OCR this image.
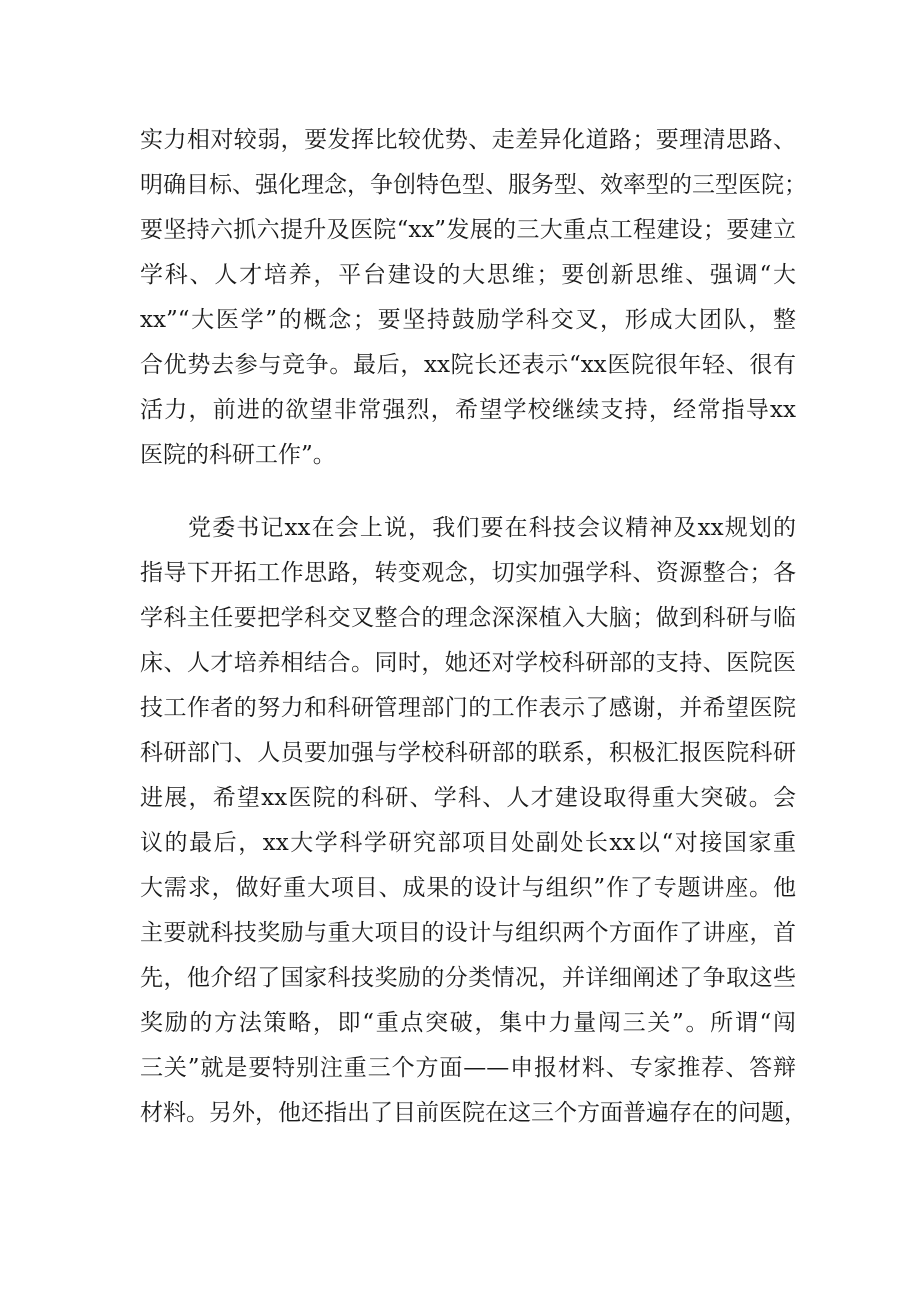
实力相对较弱，要发挥比较优势、走差异化道路；要理清思路、
明确目标、强化理念，争创特色型、服务型、效率型的三型医院；
要坚持六抓六提升及医院“xx”发展的三大重点工程建设；要建立
学科、人才培养，平台建设的大思维；要创新思维、强调“大
xx”“大医学”的概念；要坚持鼓励学科交叉，形成大团队，整
合优势去参与竞争。最后，xx院长还表示“xx医院很年轻、很有
活力，前进的欲望非常强烈，希望学校继续支持，经常指导xx
医院的科研工作”。
党委书记xx在会上说，我们要在科技会议精神及xx规划的
指导下开拓工作思路，转变观念，切实加强学科、资源整合；各
学科主任要把学科交叉整合的理念深深植入大脑；做到科研与临
床、人才培养相结合。同时，她还对学校科研部的支持、医院医
技工作者的努力和科研管理部门的工作表示了感谢，并希望医院
科研部门、人员要加强与学校科研部的联系，积极汇报医院科研
进展，希望xx医院的科研、学科、人才建设取得重大突破。会
议的最后，xx大学科学研究部项目处副处长xx以“对接国家重
大需求，做好重大项目、成果的设计与组织”作了专题讲座。他
主要就科技奖励与重大项目的设计与组织两个方面作了讲座，首
先，他介绍了国家科技奖励的分类情况，并详细阐述了争取这些
奖励的方法策略，即“重点突破，集中力量闯三关”。所谓“闯
三关”就是要特别注重三个方面——申报材料、专家推荐、答辩
材料。另外，他还指出了目前医院在这三个方面普遍存在的问题，
